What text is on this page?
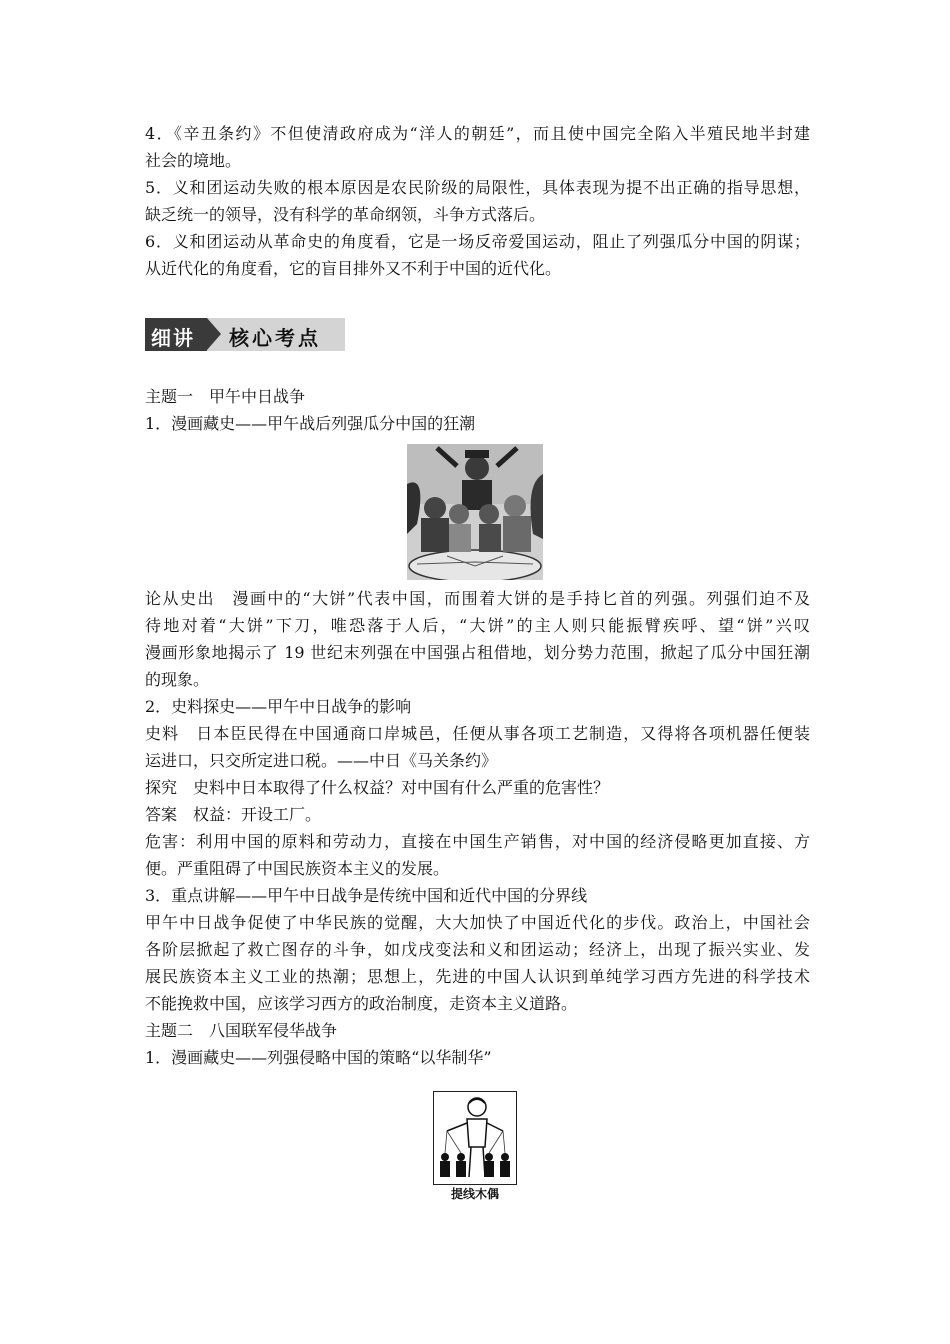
4．《辛丑条约》不但使清政府成为“洋人的朝廷”，而且使中国完全陷入半殖民地半封建
社会的境地。
5．义和团运动失败的根本原因是农民阶级的局限性，具体表现为提不出正确的指导思想，
缺乏统一的领导，没有科学的革命纲领，斗争方式落后。
6．义和团运动从革命史的角度看，它是一场反帝爱国运动，阻止了列强瓜分中国的阴谋；
从近代化的角度看，它的盲目排外又不利于中国的近代化。
细讲 核心考点
主题一　甲午中日战争
1．漫画藏史——甲午战后列强瓜分中国的狂潮
论从史出　漫画中的“大饼”代表中国，而围着大饼的是手持匕首的列强。列强们迫不及
待地对着“大饼”下刀，唯恐落于人后，“大饼”的主人则只能振臂疾呼、望“饼”兴叹
漫画形象地揭示了 19 世纪末列强在中国强占租借地，划分势力范围，掀起了瓜分中国狂潮
的现象。
2．史料探史——甲午中日战争的影响
史料　日本臣民得在中国通商口岸城邑，任便从事各项工艺制造，又得将各项机器任便装
运进口，只交所定进口税。——中日《马关条约》
探究　史料中日本取得了什么权益？对中国有什么严重的危害性？
答案　权益：开设工厂。
危害：利用中国的原料和劳动力，直接在中国生产销售，对中国的经济侵略更加直接、方
便。严重阻碍了中国民族资本主义的发展。
3．重点讲解——甲午中日战争是传统中国和近代中国的分界线
甲午中日战争促使了中华民族的觉醒，大大加快了中国近代化的步伐。政治上，中国社会
各阶层掀起了救亡图存的斗争，如戊戌变法和义和团运动；经济上，出现了振兴实业、发
展民族资本主义工业的热潮；思想上，先进的中国人认识到单纯学习西方先进的科学技术
不能挽救中国，应该学习西方的政治制度，走资本主义道路。
主题二　八国联军侵华战争
1．漫画藏史——列强侵略中国的策略“以华制华”
提线木偶
